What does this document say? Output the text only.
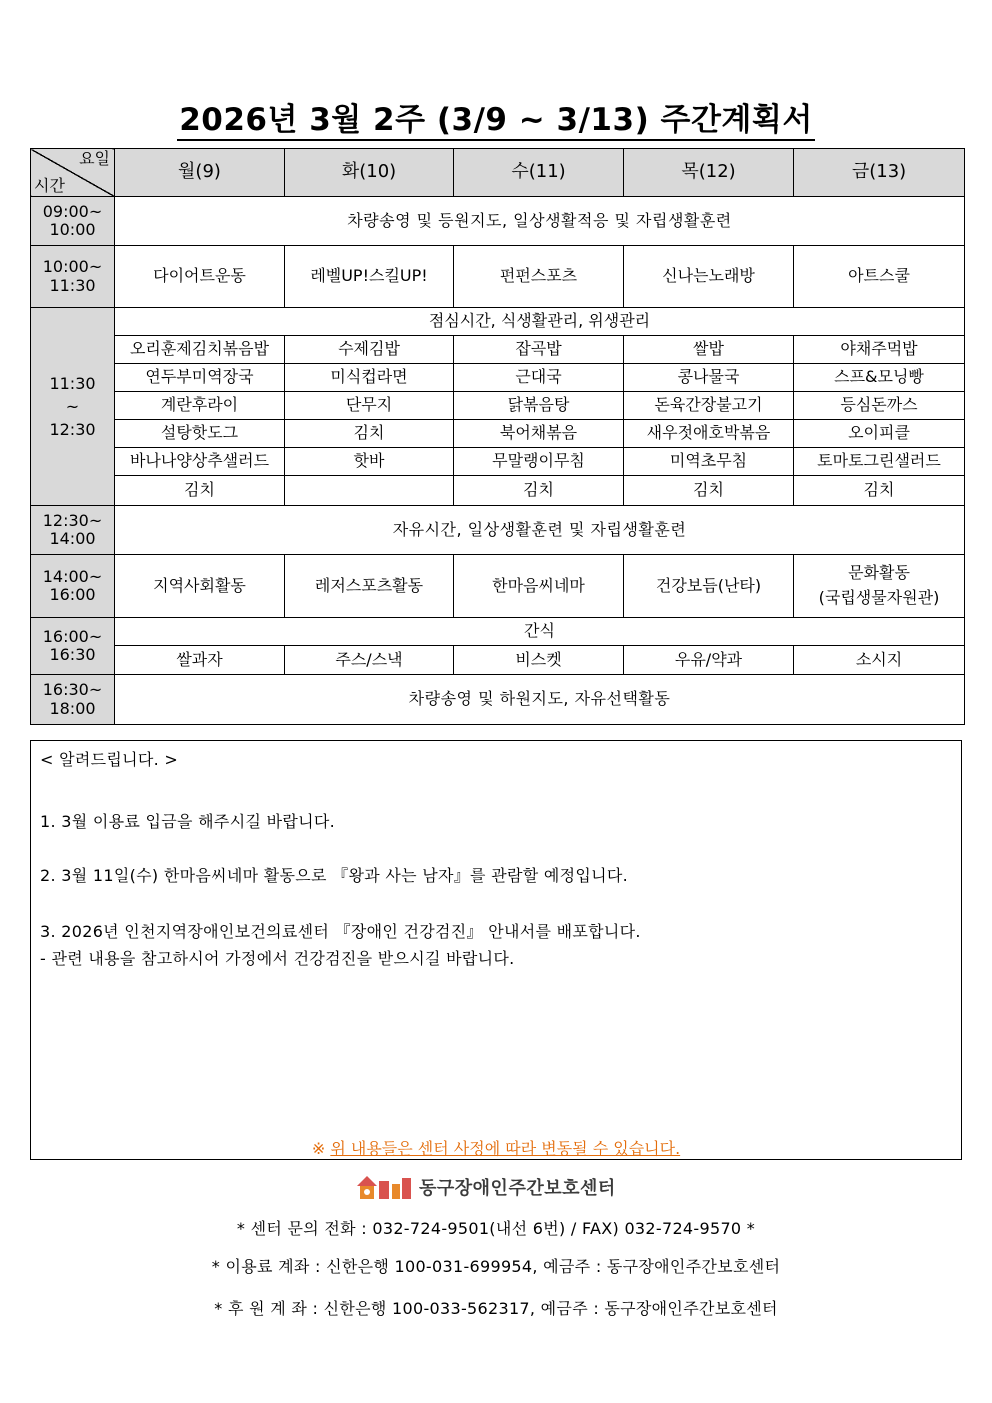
2026년 3월 2주 (3/9 ~ 3/13) 주간계획서
요일
시간	월(9)	화(10)	수(11)	목(12)	금(13)
09:00~
10:00	차량송영 및 등원지도, 일상생활적응 및 자립생활훈련				
10:00~
11:30	다이어트운동	레벨UP!스킬UP!	펀펀스포츠	신나는노래방	아트스쿨
11:30
~
12:30	점심시간, 식생활관리, 위생관리				
	오리훈제김치볶음밥	수제김밥	잡곡밥	쌀밥	야채주먹밥
	연두부미역장국	미식컵라면	근대국	콩나물국	스프&모닝빵
	계란후라이	단무지	닭볶음탕	돈육간장불고기	등심돈까스
	설탕핫도그	김치	북어채볶음	새우젓애호박볶음	오이피클
	바나나양상추샐러드	핫바	무말랭이무침	미역초무침	토마토그린샐러드
	김치		김치	김치	김치
12:30~
14:00	자유시간, 일상생활훈련 및 자립생활훈련				
14:00~
16:00	지역사회활동	레저스포츠활동	한마음씨네마	건강보듬(난타)	문화활동
(국립생물자원관)
16:00~
16:30	간식				
	쌀과자	주스/스낵	비스켓	우유/약과	소시지
16:30~
18:00	차량송영 및 하원지도, 자유선택활동				
< 알려드립니다. >
1. 3월 이용료 입금을 해주시길 바랍니다.
2. 3월 11일(수) 한마음씨네마 활동으로 『왕과 사는 남자』를 관람할 예정입니다.
3. 2026년 인천지역장애인보건의료센터 『장애인 건강검진』 안내서를 배포합니다.
- 관련 내용을 참고하시어 가정에서 건강검진을 받으시길 바랍니다.
※ 위 내용들은 센터 사정에 따라 변동될 수 있습니다.
동구장애인주간보호센터
* 센터 문의 전화 : 032-724-9501(내선 6번) / FAX) 032-724-9570 *
* 이용료 계좌 : 신한은행 100-031-699954, 예금주 : 동구장애인주간보호센터
* 후 원 계 좌 : 신한은행 100-033-562317, 예금주 : 동구장애인주간보호센터
